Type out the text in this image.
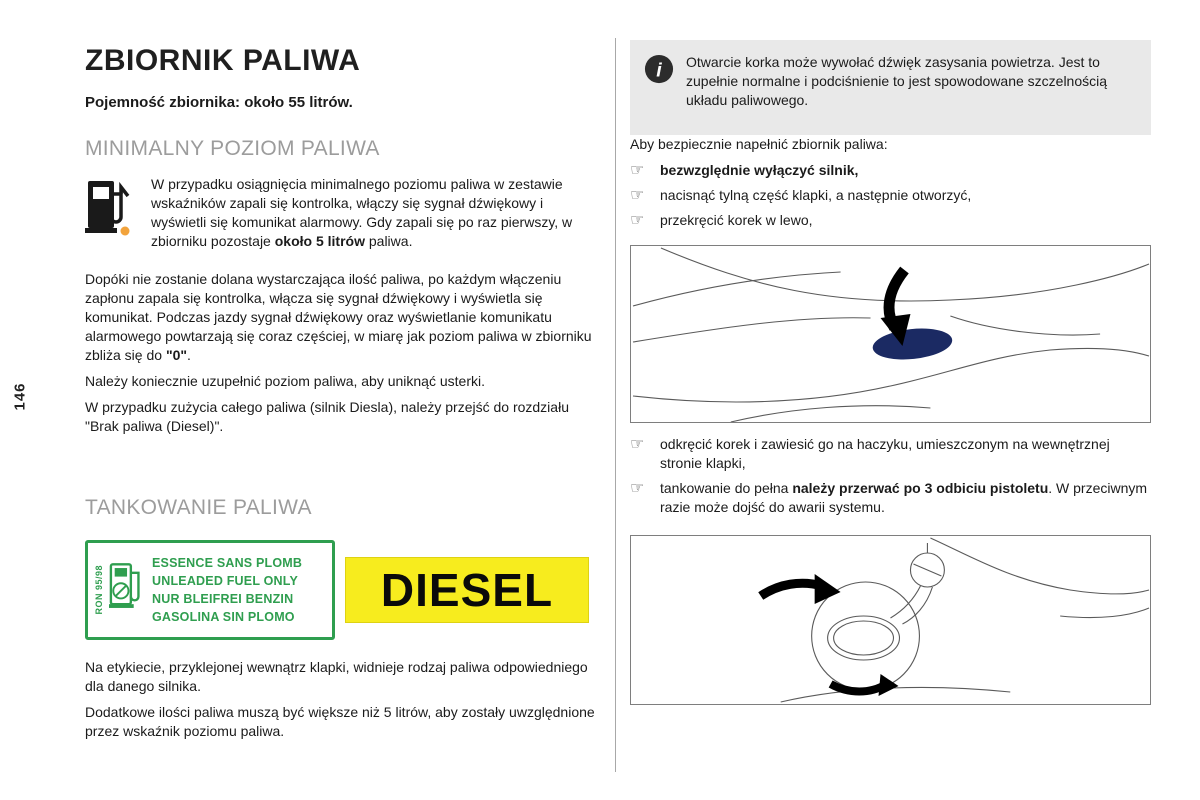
146
ZBIORNIK PALIWA

Pojemność zbiornika: około 55 litrów.

MINIMALNY POZIOM PALIWA

W przypadku osiągnięcia minimalnego poziomu paliwa w zestawie wskaźników zapali się kontrolka, włączy się sygnał dźwiękowy i wyświetli się komunikat alarmowy. Gdy zapali się po raz pierwszy, w zbiorniku pozostaje około 5 litrów paliwa.

Dopóki nie zostanie dolana wystarczająca ilość paliwa, po każdym włączeniu zapłonu zapala się kontrolka, włącza się sygnał dźwiękowy i wyświetla się komunikat. Podczas jazdy sygnał dźwiękowy oraz wyświetlanie komunikatu alarmowego powtarzają się coraz częściej, w miarę jak poziom paliwa w zbiorniku zbliża się do "0".

Należy koniecznie uzupełnić poziom paliwa, aby uniknąć usterki.

W przypadku zużycia całego paliwa (silnik Diesla), należy przejść do rozdziału "Brak paliwa (Diesel)".

TANKOWANIE PALIWA
RON 95/98
ESSENCE SANS PLOMB
UNLEADED FUEL ONLY
NUR BLEIFREI BENZIN
GASOLINA SIN PLOMO
DIESEL

Na etykiecie, przyklejonej wewnątrz klapki, widnieje rodzaj paliwa odpowiedniego dla danego silnika.

Dodatkowe ilości paliwa muszą być większe niż 5 litrów, aby zostały uwzględnione przez wskaźnik poziomu paliwa.

i Otwarcie korka może wywołać dźwięk zasysania powietrza. Jest to zupełnie normalne i podciśnienie to jest spowodowane szczelnością układu paliwowego.

Aby bezpiecznie napełnić zbiornik paliwa:

☞	bezwzględnie wyłączyć silnik,

☞	nacisnąć tylną część klapki, a następnie otworzyć,

☞	przekręcić korek w lewo,

☞	odkręcić korek i zawiesić go na haczyku, umieszczonym na wewnętrznej stronie klapki,

☞	tankowanie do pełna należy przerwać po 3 odbiciu pistoletu. W przeciwnym razie może dojść do awarii systemu.
